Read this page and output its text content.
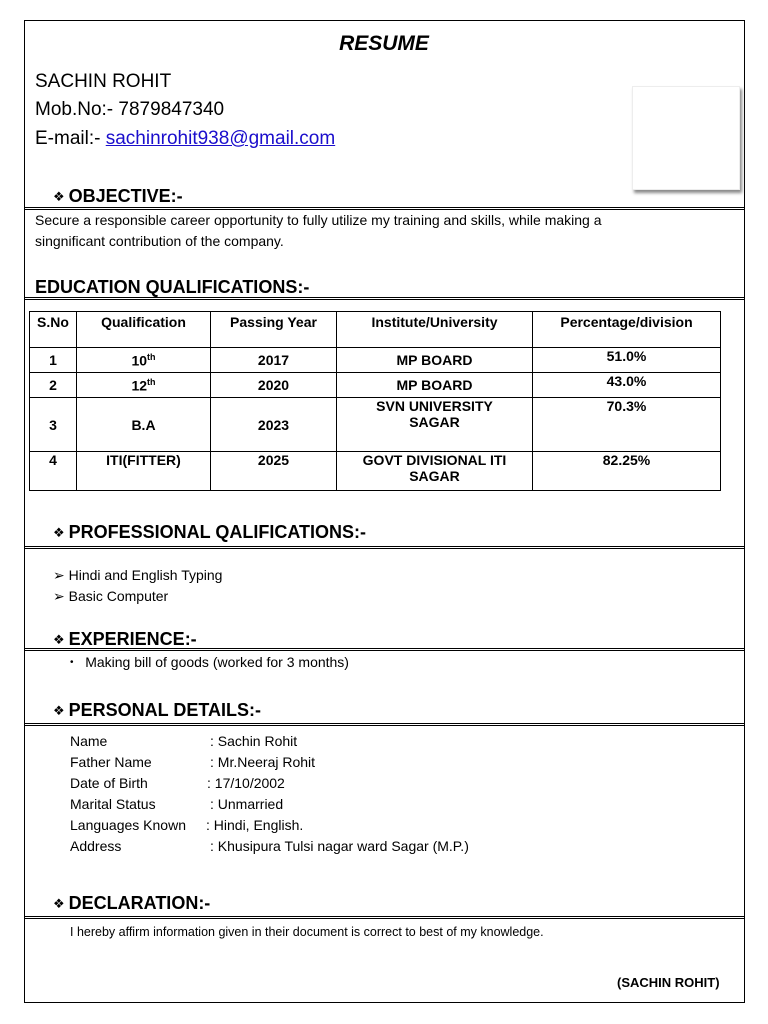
RESUME
SACHIN ROHIT
Mob.No:- 7879847340
E-mail:- sachinrohit938@gmail.com
❖ OBJECTIVE:-
Secure a responsible career opportunity to fully utilize my training and skills, while making a
singnificant contribution of the company.
EDUCATION QUALIFICATIONS:-
S.No	Qualification	Passing Year	Institute/University	Percentage/division
1	10th	2017	MP BOARD	51.0%
2	12th	2020	MP BOARD	43.0%
3	B.A	2023	SVN UNIVERSITY
SAGAR	70.3%
4	ITI(FITTER)	2025	GOVT DIVISIONAL ITI
SAGAR	82.25%
❖ PROFESSIONAL QALIFICATIONS:-
➢ Hindi and English Typing
➢ Basic Computer
❖ EXPERIENCE:-
• Making bill of goods (worked for 3 months)
❖ PERSONAL DETAILS:-
Name	: Sachin Rohit
Father Name	: Mr.Neeraj Rohit
Date of Birth	: 17/10/2002
Marital Status	: Unmarried
Languages Known	: Hindi, English.
Address	: Khusipura Tulsi nagar ward Sagar (M.P.)
❖ DECLARATION:-
I hereby affirm information given in their document is correct to best of my knowledge.
(SACHIN ROHIT)
